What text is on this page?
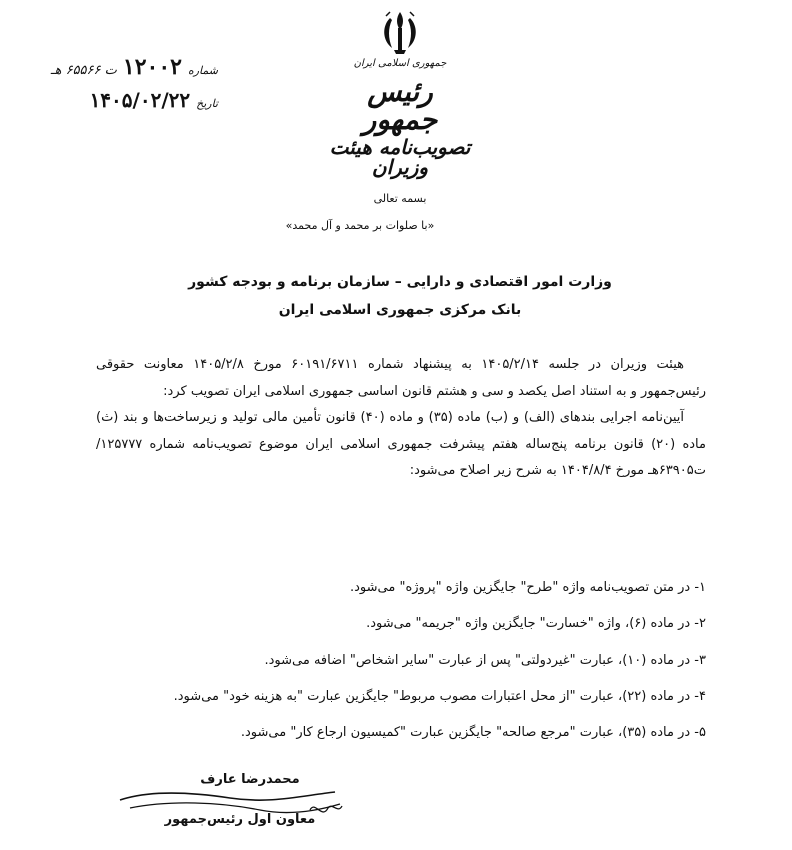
جمهوری اسلامی ایران
رئیس جمهور
تصویب‌نامه هیئت وزیران
شماره
۱۲۰۰۲
ت ۶۵۵۶۶ هـ
تاریخ
۱۴۰۵/۰۲/۲۲
بسمه تعالی
«با صلوات بر محمد و آل محمد»
وزارت امور اقتصادی و دارایی – سازمان برنامه و بودجه کشور
بانک مرکزی جمهوری اسلامی ایران

هیئت وزیران در جلسه ۱۴۰۵/۲/۱۴ به پیشنهاد شماره ۶۰۱۹۱/۶۷۱۱ مورخ ۱۴۰۵/۲/۸ معاونت حقوقی رئیس‌جمهور و به استناد اصل یکصد و سی و هشتم قانون اساسی جمهوری اسلامی ایران تصویب کرد:

آیین‌نامه اجرایی بندهای (الف) و (ب) ماده (۳۵) و ماده (۴۰) قانون تأمین مالی تولید و زیرساخت‌ها و بند (ث) ماده (۲۰) قانون برنامه پنج‌ساله هفتم پیشرفت جمهوری اسلامی ایران موضوع تصویب‌نامه شماره ۱۲۵۷۷۷/ت۶۳۹۰۵هـ مورخ ۱۴۰۴/۸/۴ به شرح زیر اصلاح می‌شود:

۱- در متن تصویب‌نامه واژه "طرح" جایگزین واژه "پروژه" می‌شود.
۲- در ماده (۶)، واژه "خسارت" جایگزین واژه "جریمه" می‌شود.
۳- در ماده (۱۰)، عبارت "غیردولتی" پس از عبارت "سایر اشخاص" اضافه می‌شود.
۴- در ماده (۲۲)، عبارت "از محل اعتبارات مصوب مربوط" جایگزین عبارت "به هزینه خود" می‌شود.
۵- در ماده (۳۵)، عبارت "مرجع صالحه" جایگزین عبارت "کمیسیون ارجاع کار" می‌شود.
محمدرضا عارف
معاون اول رئیس‌جمهور
